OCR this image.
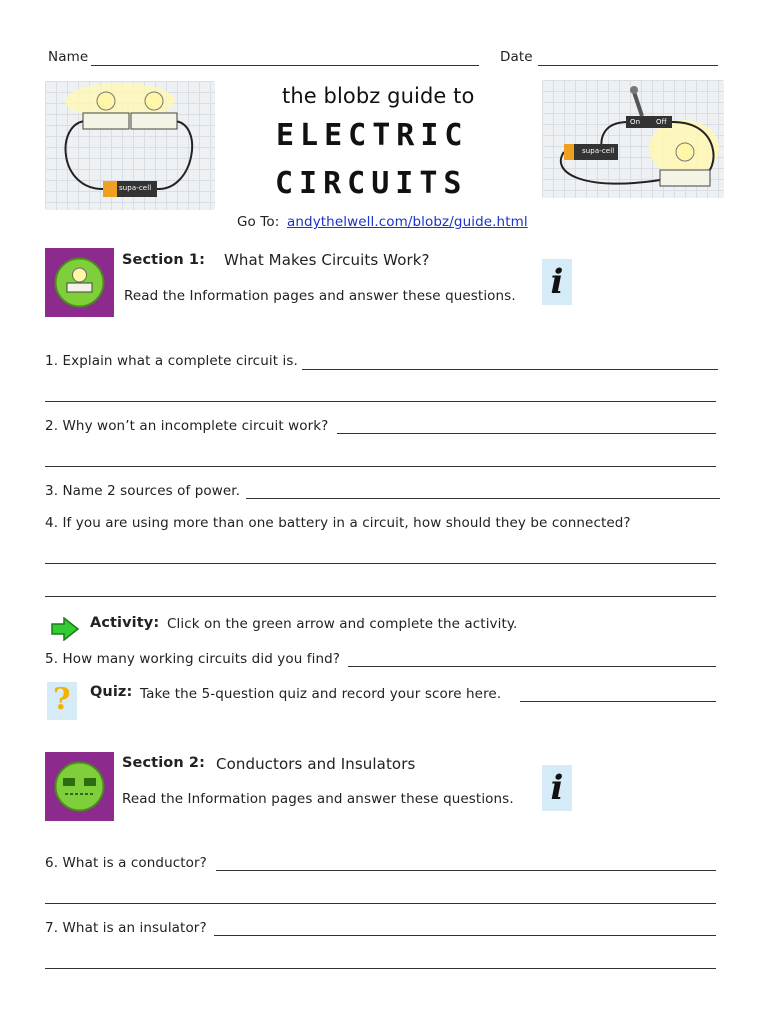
Name	Date
supa-cell
the blobz guide to
ELECTRIC
CIRCUITS
Go To: andythelwell.com/blobz/guide.html
On Off
supa-cell
Section 1: What Makes Circuits Work?
Read the Information pages and answer these questions. i
1. Explain what a complete circuit is.
2. Why won’t an incomplete circuit work?
3. Name 2 sources of power.
4. If you are using more than one battery in a circuit, how should they be connected?
Activity: Click on the green arrow and complete the activity.
5. How many working circuits did you find?
? Quiz: Take the 5-question quiz and record your score here.
Section 2: Conductors and Insulators
Read the Information pages and answer these questions. i
6. What is a conductor?
7. What is an insulator?
